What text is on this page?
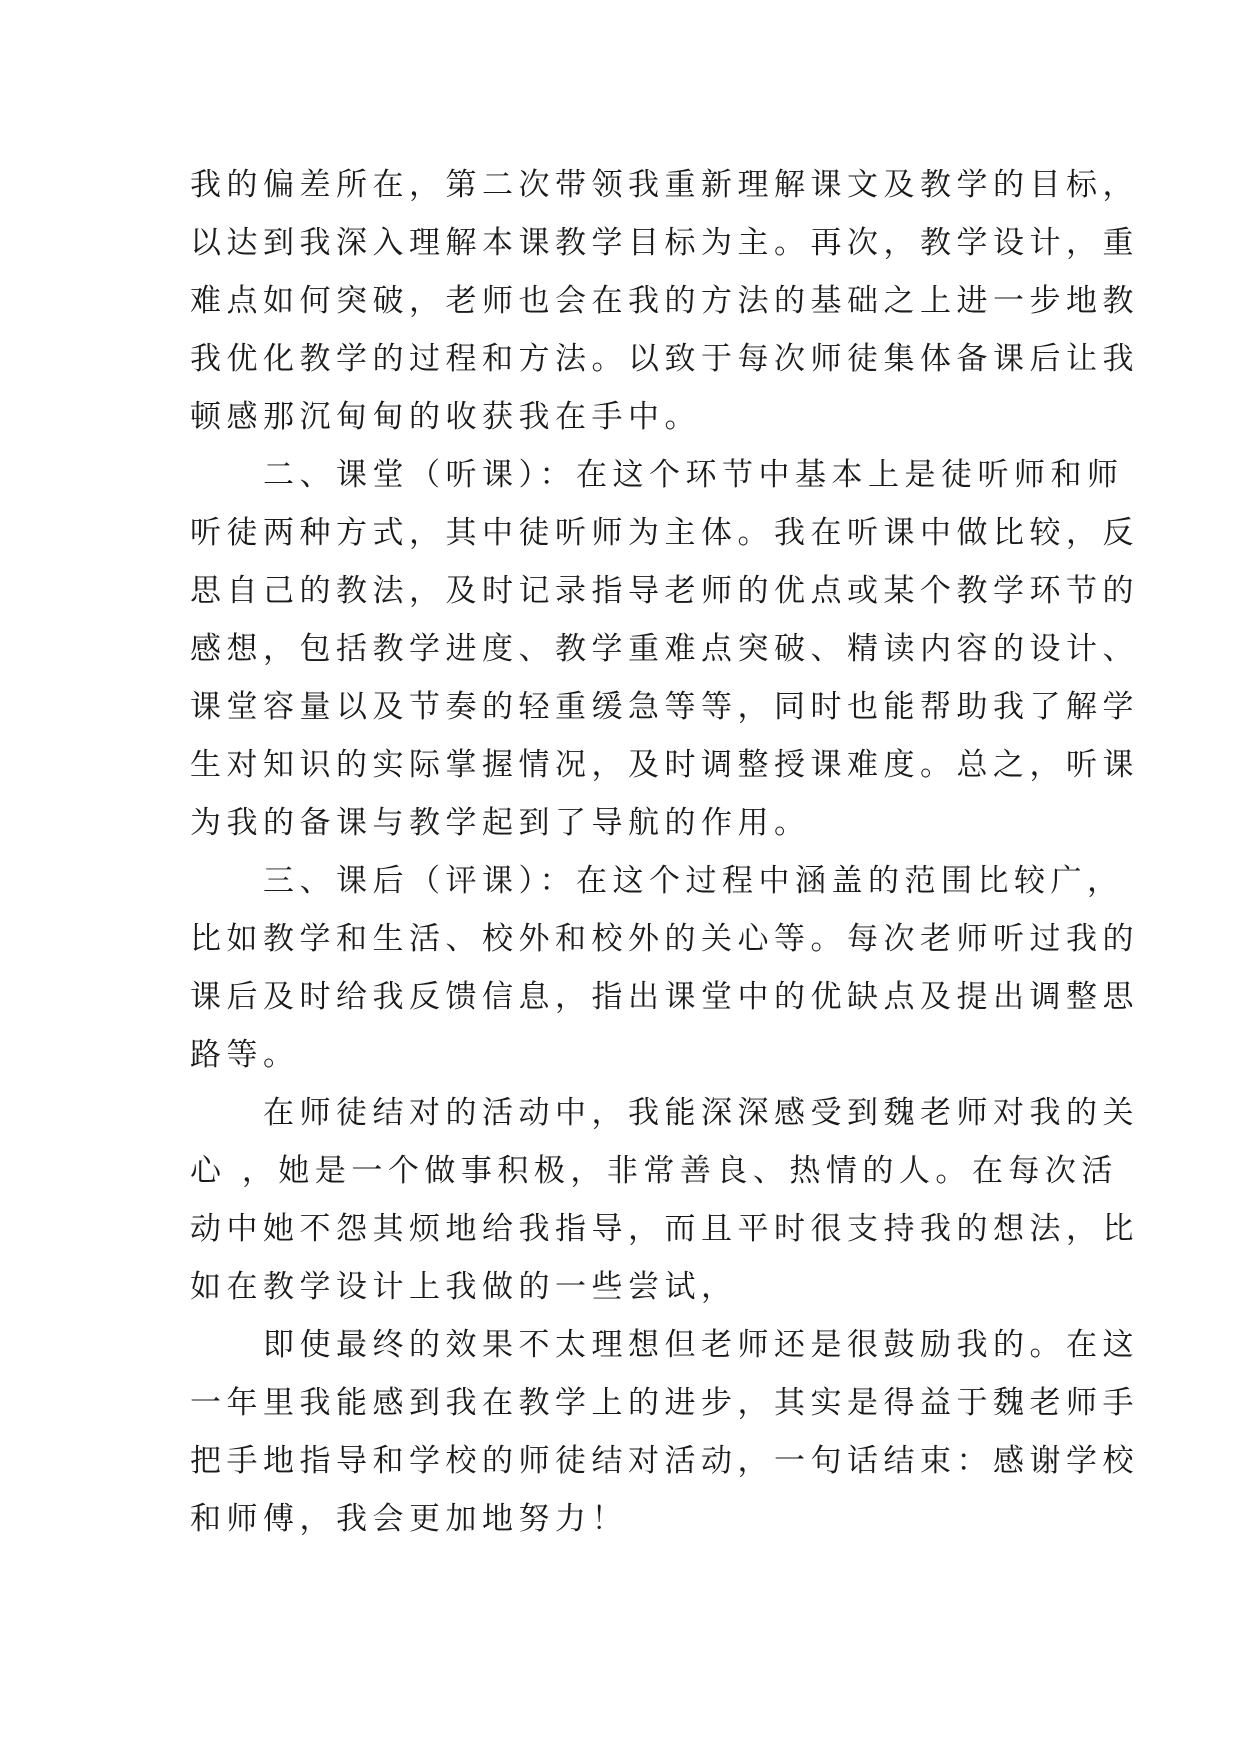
我的偏差所在，第二次带领我重新理解课文及教学的目标，
以达到我深入理解本课教学目标为主。再次，教学设计，重
难点如何突破，老师也会在我的方法的基础之上进一步地教
我优化教学的过程和方法。以致于每次师徒集体备课后让我
顿感那沉甸甸的收获我在手中。
　　二、课堂（听课）：在这个环节中基本上是徒听师和师
听徒两种方式，其中徒听师为主体。我在听课中做比较，反
思自己的教法，及时记录指导老师的优点或某个教学环节的
感想，包括教学进度、教学重难点突破、精读内容的设计、
课堂容量以及节奏的轻重缓急等等，同时也能帮助我了解学
生对知识的实际掌握情况，及时调整授课难度。总之，听课
为我的备课与教学起到了导航的作用。
　　三、课后（评课）：在这个过程中涵盖的范围比较广，
比如教学和生活、校外和校外的关心等。每次老师听过我的
课后及时给我反馈信息，指出课堂中的优缺点及提出调整思
路等。
　　在师徒结对的活动中，我能深深感受到魏老师对我的关
心 ，她是一个做事积极，非常善良、热情的人。在每次活
动中她不怨其烦地给我指导，而且平时很支持我的想法，比
如在教学设计上我做的一些尝试，
　　即使最终的效果不太理想但老师还是很鼓励我的。在这
一年里我能感到我在教学上的进步，其实是得益于魏老师手
把手地指导和学校的师徒结对活动，一句话结束：感谢学校
和师傅，我会更加地努力！
